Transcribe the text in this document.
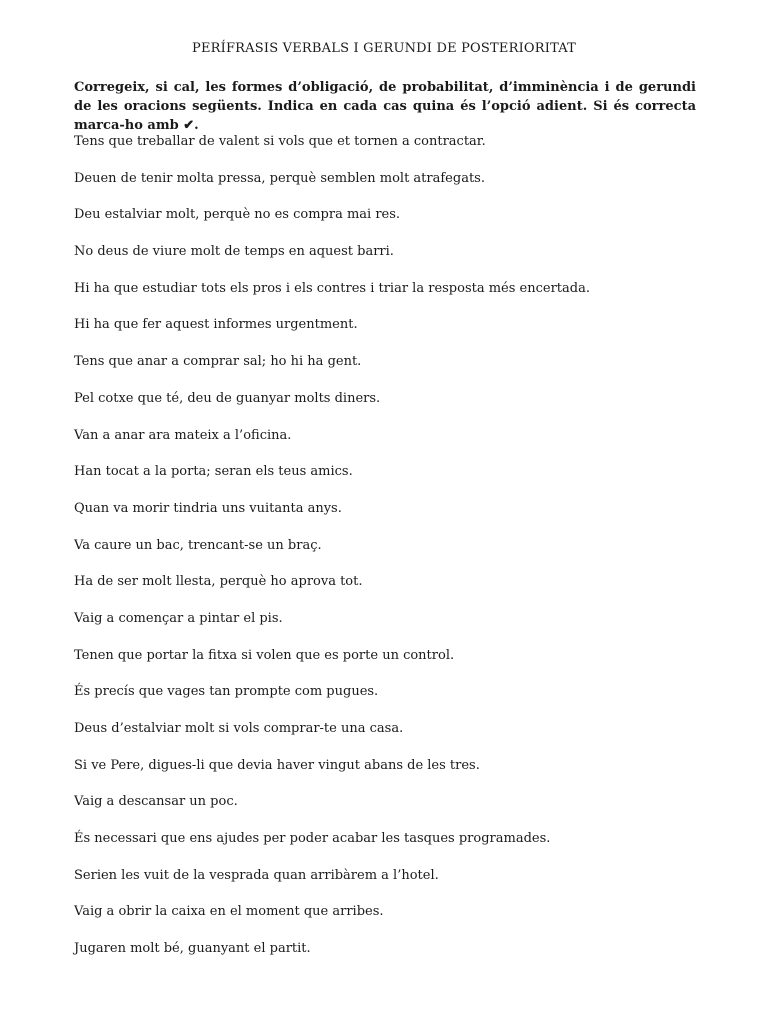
PERÍFRASIS VERBALS I GERUNDI DE POSTERIORITAT
Corregeix, si cal, les formes d’obligació, de probabilitat, d’imminència i de gerundi de les oracions següents. Indica en cada cas quina és l’opció adient. Si és correcta marca-ho amb ✔.
Tens que treballar de valent si vols que et tornen a contractar.
Deuen de tenir molta pressa, perquè semblen molt atrafegats.
Deu estalviar molt, perquè no es compra mai res.
No deus de viure molt de temps en aquest barri.
Hi ha que estudiar tots els pros i els contres i triar la resposta més encertada.
Hi ha que fer aquest informes urgentment.
Tens que anar a comprar sal; ho hi ha gent.
Pel cotxe que té, deu de guanyar molts diners.
Van a anar ara mateix a l’oficina.
Han tocat a la porta; seran els teus amics.
Quan va morir tindria uns vuitanta anys.
Va caure un bac, trencant-se un braç.
Ha de ser molt llesta, perquè ho aprova tot.
Vaig a començar a pintar el pis.
Tenen que portar la fitxa si volen que es porte un control.
És precís que vages tan prompte com pugues.
Deus d’estalviar molt si vols comprar-te una casa.
Si ve Pere, digues-li que devia haver vingut abans de les tres.
Vaig a descansar un poc.
És necessari que ens ajudes per poder acabar les tasques programades.
Serien les vuit de la vesprada quan arribàrem a l’hotel.
Vaig a obrir la caixa en el moment que arribes.
Jugaren molt bé, guanyant el partit.
